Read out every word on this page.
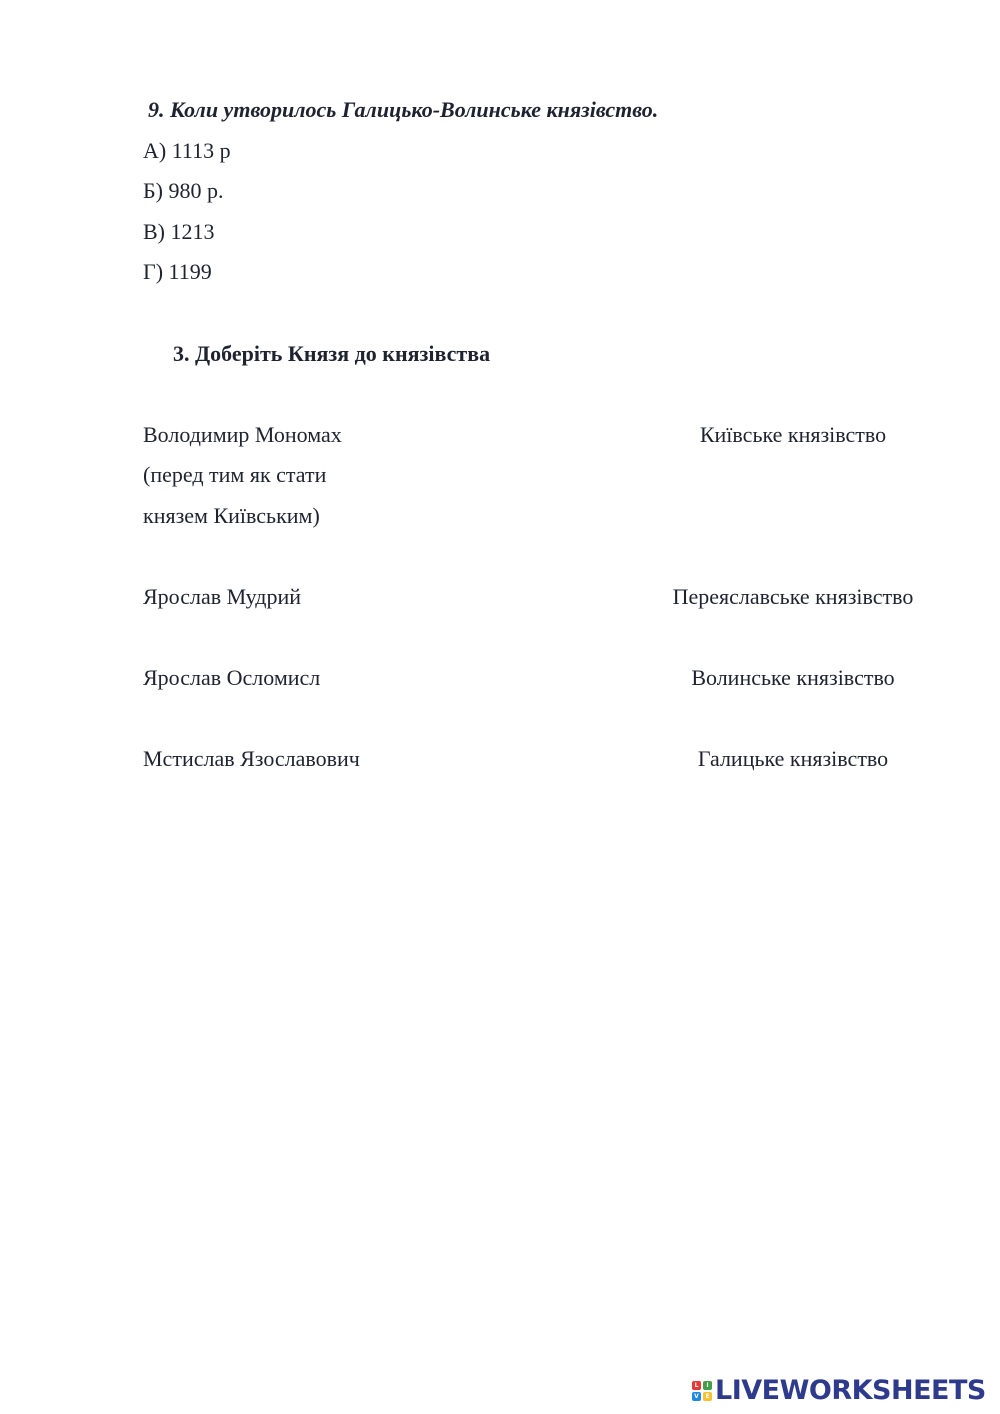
9. Коли утворилось Галицько-Волинське князівство.
А) 1113 р
Б) 980 р.
В) 1213
Г) 1199
3. Доберіть Князя до князівства
Володимир Мономах
(перед тим як стати
князем Київським)
Ярослав Мудрий
Ярослав Осломисл
Мстислав Язославович
Київське князівство
Переяславське князівство
Волинське князівство
Галицьке князівство
L	I
V	E LIVEWORKSHEETS
